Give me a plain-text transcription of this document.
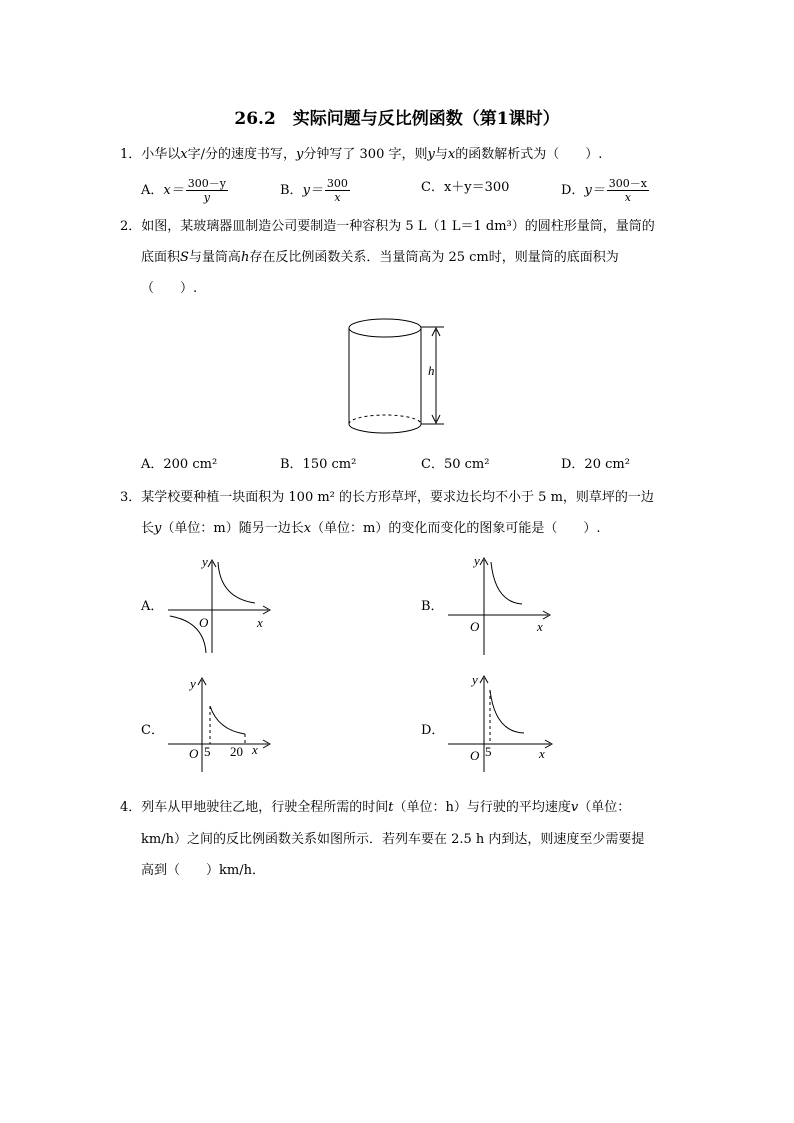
26.2　实际问题与反比例函数（第1课时）
1．小华以x字/分的速度书写，y分钟写了 300 字，则y与x的函数解析式为（　　）.
A．$x= \frac{300-y}{y}$	B．$y= \frac{300}{x}$	C．x＋y＝300	D．$y= \frac{300-x}{x}$
2．如图，某玻璃器皿制造公司要制造一种容积为 5 L（1 L＝1 dm³）的圆柱形量筒，量筒的
底面积S与量筒高h存在反比例函数关系．当量筒高为 25 cm时，则量筒的底面积为
（　　）.
h
A．200 cm²	B．150 cm²	C．50 cm²	D．20 cm²
3．某学校要种植一块面积为 100 m² 的长方形草坪，要求边长均不小于 5 m，则草坪的一边
长y（单位：m）随另一边长x（单位：m）的变化而变化的图象可能是（　　）.
A．
y
x
O
B．
y
x
O
C．
y
x
O 5 20
D．
y
x
O 5
4．列车从甲地驶往乙地，行驶全程所需的时间t（单位：h）与行驶的平均速度v（单位：
km/h）之间的反比例函数关系如图所示．若列车要在 2.5 h 内到达，则速度至少需要提
高到（　　）km/h．
